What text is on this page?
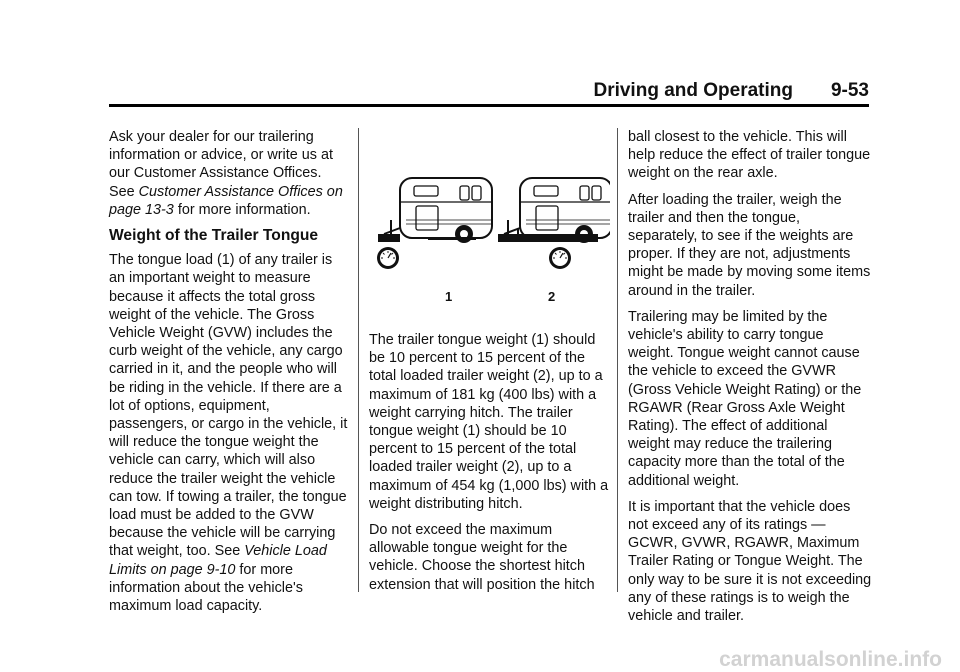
Driving and Operating 9-53

Ask your dealer for our trailering information or advice, or write us at our Customer Assistance Offices. See Customer Assistance Offices on page 13-3 for more information.

Weight of the Trailer Tongue

The tongue load (1) of any trailer is an important weight to measure because it affects the total gross weight of the vehicle. The Gross Vehicle Weight (GVW) includes the curb weight of the vehicle, any cargo carried in it, and the people who will be riding in the vehicle. If there are a lot of options, equipment, passengers, or cargo in the vehicle, it will reduce the tongue weight the vehicle can carry, which will also reduce the trailer weight the vehicle can tow. If towing a trailer, the tongue load must be added to the GVW because the vehicle will be carrying that weight, too. See Vehicle Load Limits on page 9-10 for more information about the vehicle's maximum load capacity.

1	2

The trailer tongue weight (1) should be 10 percent to 15 percent of the total loaded trailer weight (2), up to a maximum of 181 kg (400 lbs) with a weight carrying hitch. The trailer tongue weight (1) should be 10 percent to 15 percent of the total loaded trailer weight (2), up to a maximum of 454 kg (1,000 lbs) with a weight distributing hitch.

Do not exceed the maximum allowable tongue weight for the vehicle. Choose the shortest hitch extension that will position the hitch

ball closest to the vehicle. This will help reduce the effect of trailer tongue weight on the rear axle.

After loading the trailer, weigh the trailer and then the tongue, separately, to see if the weights are proper. If they are not, adjustments might be made by moving some items around in the trailer.

Trailering may be limited by the vehicle's ability to carry tongue weight. Tongue weight cannot cause the vehicle to exceed the GVWR (Gross Vehicle Weight Rating) or the RGAWR (Rear Gross Axle Weight Rating). The effect of additional weight may reduce the trailering capacity more than the total of the additional weight.

It is important that the vehicle does not exceed any of its ratings — GCWR, GVWR, RGAWR, Maximum Trailer Rating or Tongue Weight. The only way to be sure it is not exceeding any of these ratings is to weigh the vehicle and trailer.

carmanualsonline.info
